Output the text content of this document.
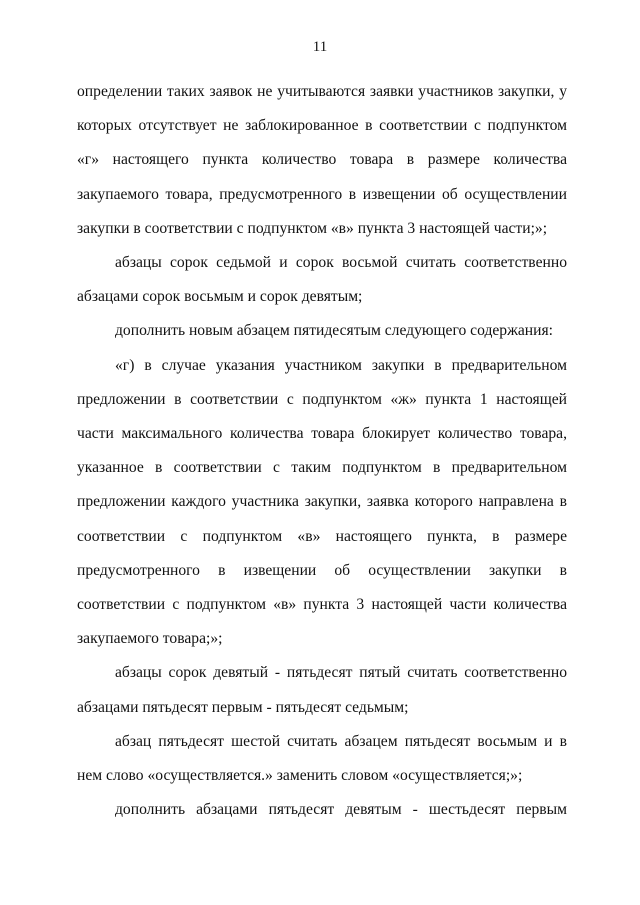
11

определении таких заявок не учитываются заявки участников закупки, у которых отсутствует не заблокированное в соответствии с подпунктом «г» настоящего пункта количество товара в размере количества закупаемого товара, предусмотренного в извещении об осуществлении закупки в соответствии с подпунктом «в» пункта 3 настоящей части;»;

абзацы сорок седьмой и сорок восьмой считать соответственно абзацами сорок восьмым и сорок девятым;

дополнить новым абзацем пятидесятым следующего содержания:

«г) в случае указания участником закупки в предварительном предложении в соответствии с подпунктом «ж» пункта 1 настоящей части максимального количества товара блокирует количество товара, указанное в соответствии с таким подпунктом в предварительном предложении каждого участника закупки, заявка которого направлена в соответствии с подпунктом «в» настоящего пункта, в размере предусмотренного в извещении об осуществлении закупки в соответствии с подпунктом «в» пункта 3 настоящей части количества закупаемого товара;»;

абзацы сорок девятый - пятьдесят пятый считать соответственно абзацами пятьдесят первым - пятьдесят седьмым;

абзац пятьдесят шестой считать абзацем пятьдесят восьмым и в нем слово «осуществляется.» заменить словом «осуществляется;»;

дополнить абзацами пятьдесят девятым - шестьдесят первым
